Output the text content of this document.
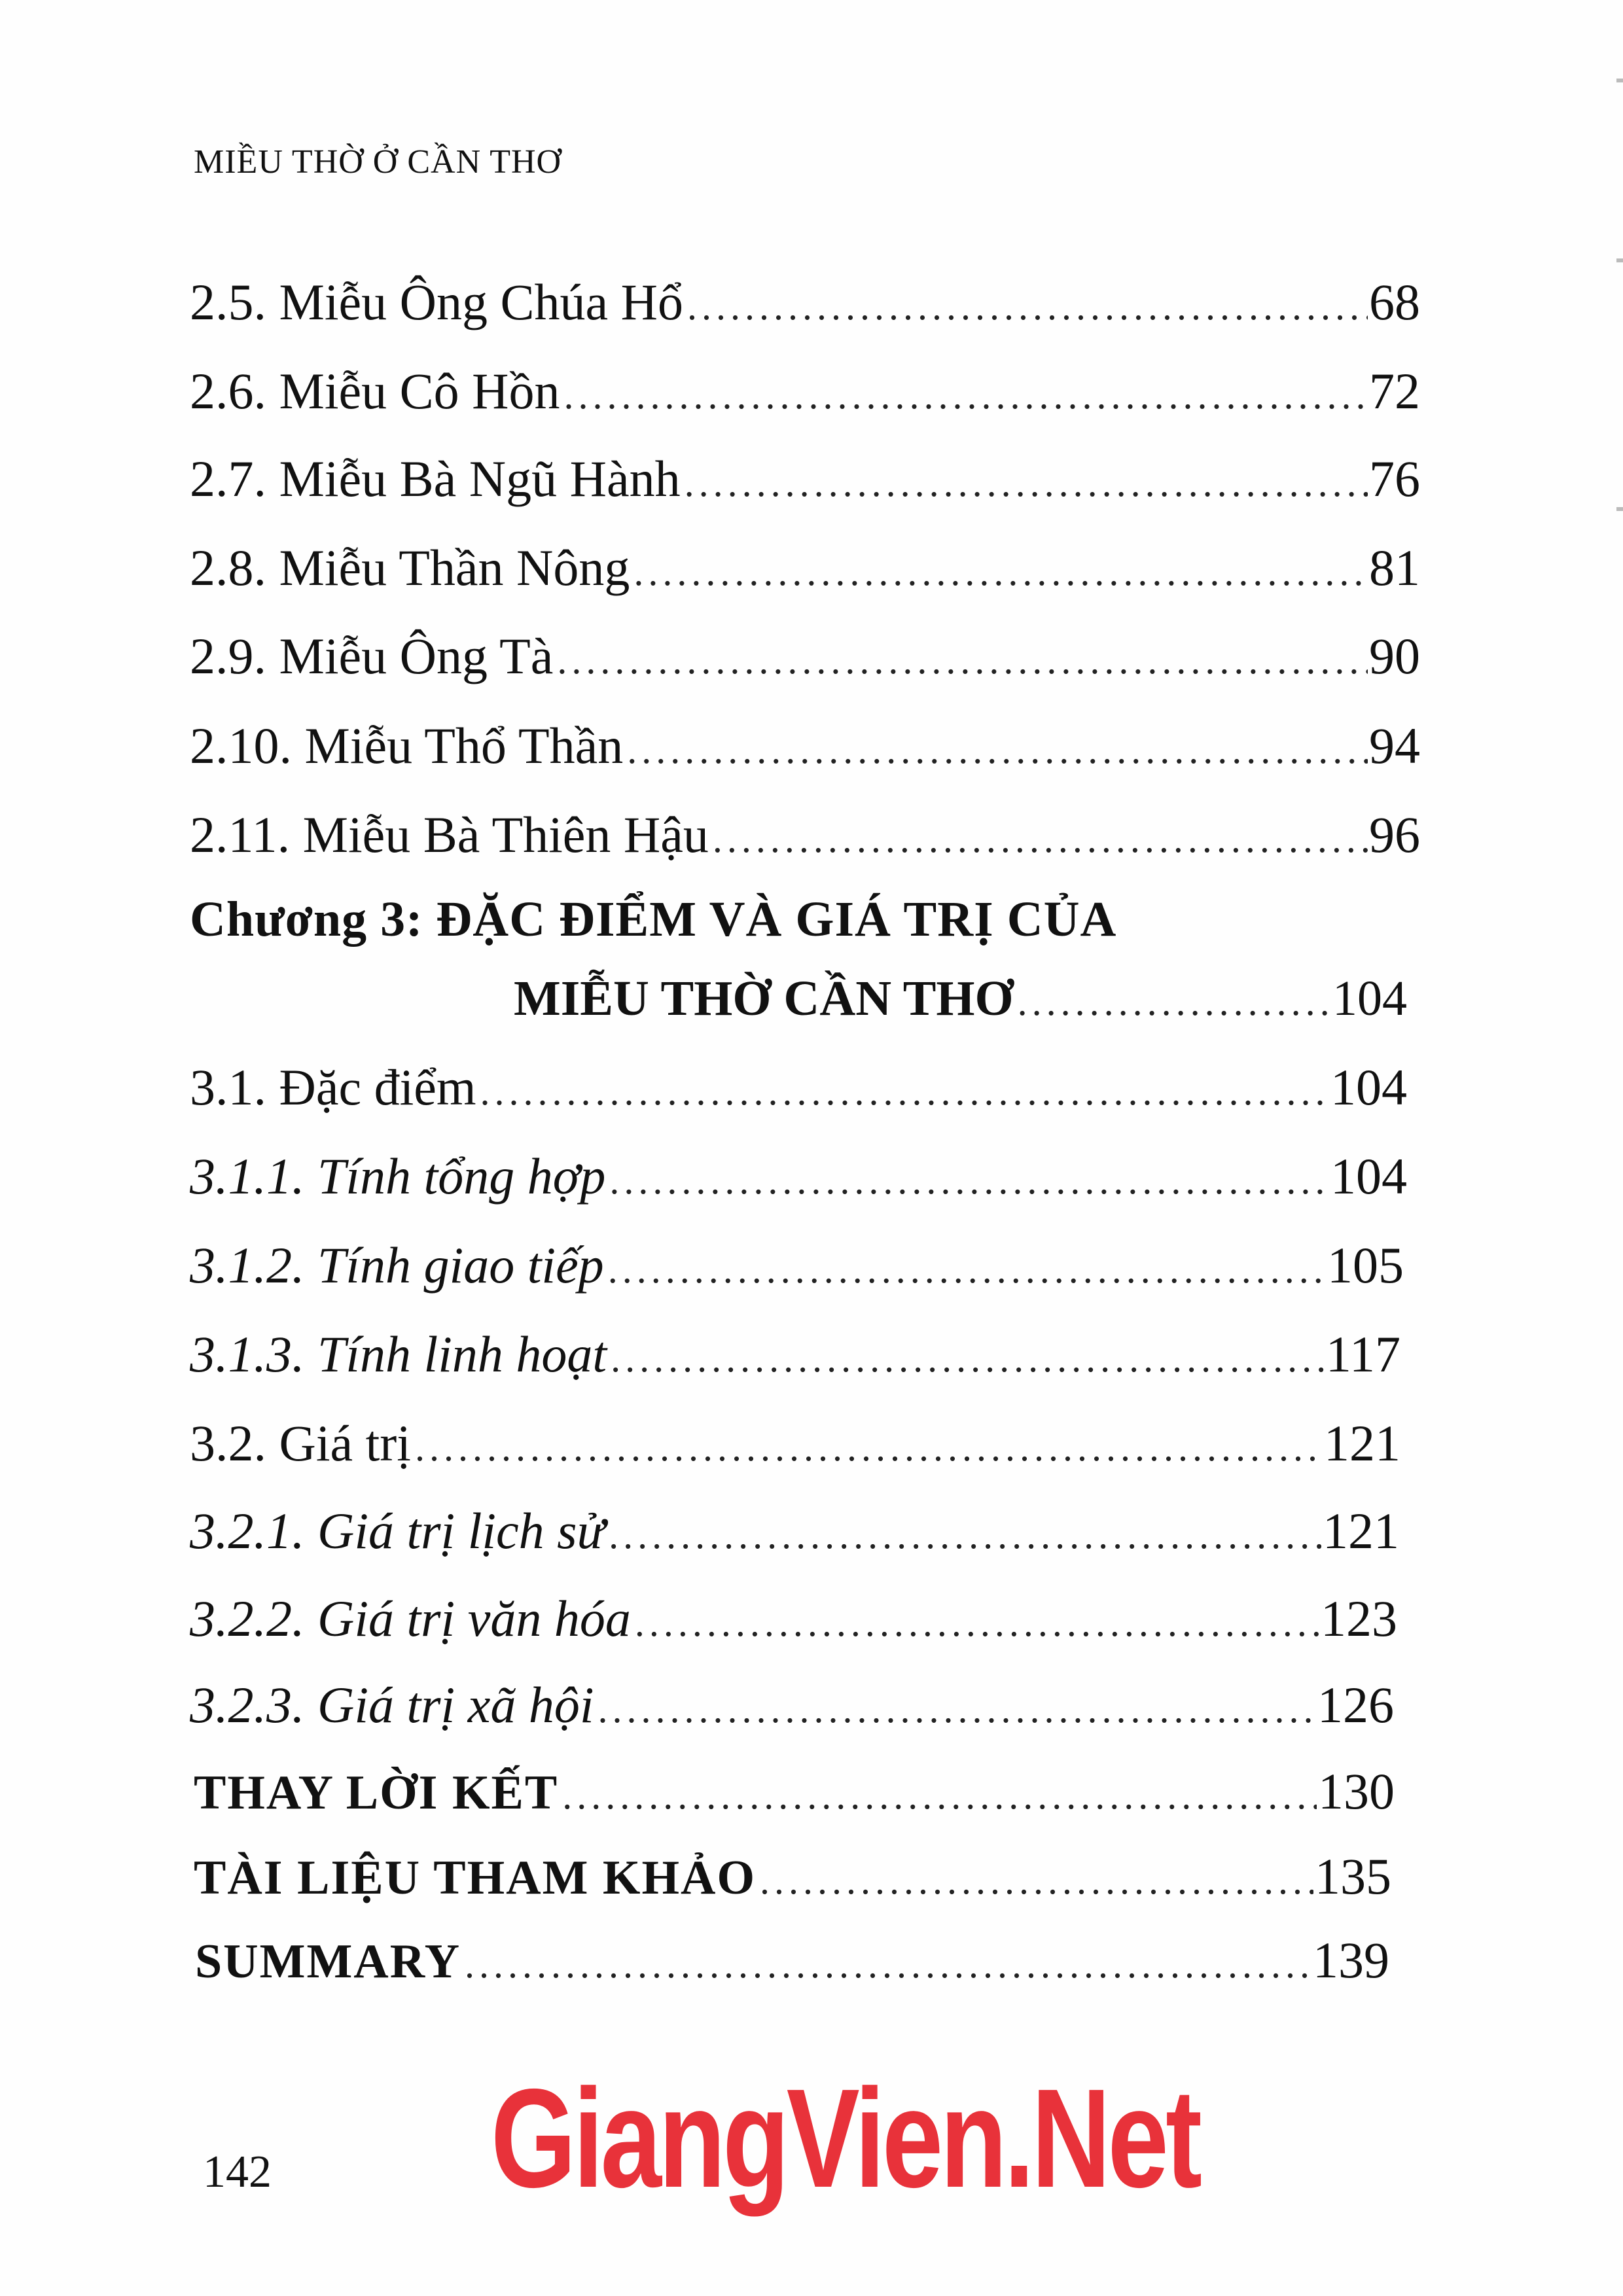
MIỀU THỜ Ở CẦN THƠ
2.5. Miễu Ông Chúa Hổ .....	68
2.6. Miễu Cô Hồn .....	72
2.7. Miễu Bà Ngũ Hành .....	76
2.8. Miễu Thần Nông .....	81
2.9. Miễu Ông Tà .....	90
2.10. Miễu Thổ Thần .....	94
2.11. Miễu Bà Thiên Hậu .....	96
Chương 3: ĐẶC ĐIỂM VÀ GIÁ TRỊ CỦA
MIỄU THỜ CẦN THƠ .....	104
3.1. Đặc điểm .....	104
3.1.1. Tính tổng hợp .....	104
3.1.2. Tính giao tiếp .....	105
3.1.3. Tính linh hoạt .....	117
3.2. Giá trị .....	121
3.2.1. Giá trị lịch sử .....	121
3.2.2. Giá trị văn hóa .....	123
3.2.3. Giá trị xã hội .....	126
THAY LỜI KẾT .....	130
TÀI LIỆU THAM KHẢO .....	135
SUMMARY .....	139
142 GiangVien.Net
